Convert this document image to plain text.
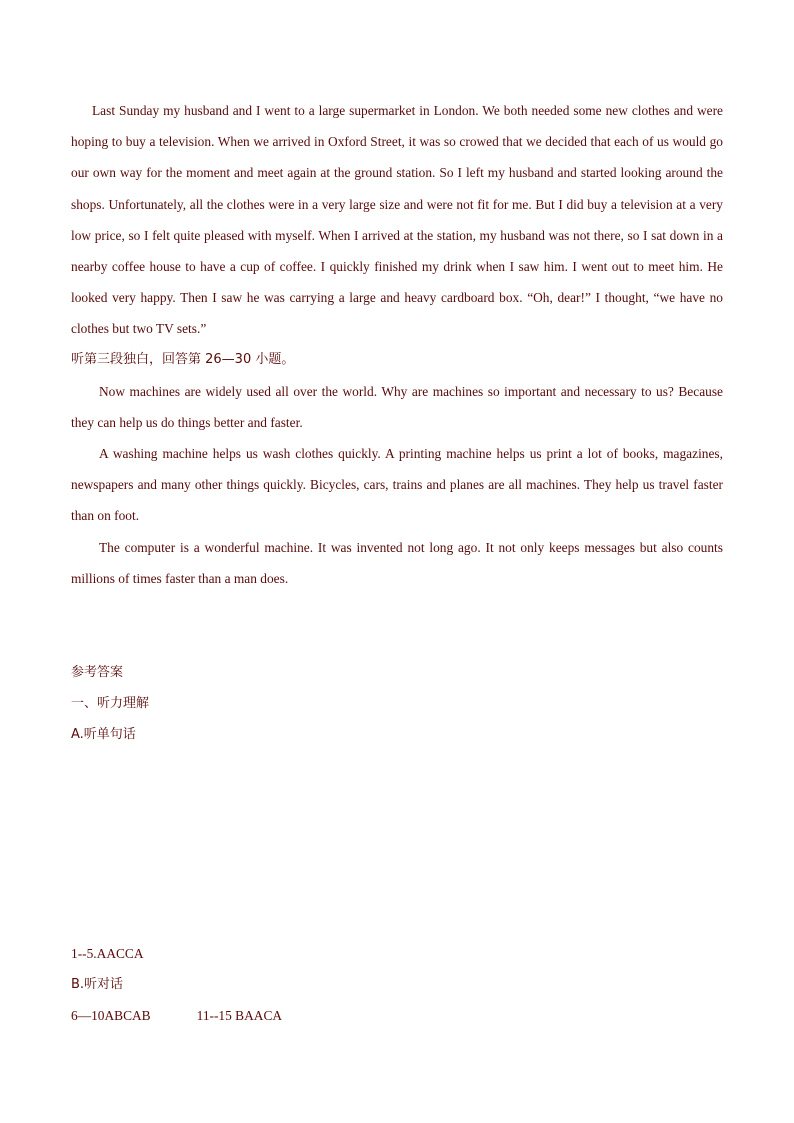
Last Sunday my husband and I went to a large supermarket in London. We both needed some new clothes and were hoping to buy a television. When we arrived in Oxford Street, it was so crowed that we decided that each of us would go our own way for the moment and meet again at the ground station. So I left my husband and started looking around the shops. Unfortunately, all the clothes were in a very large size and were not fit for me. But I did buy a television at a very low price, so I felt quite pleased with myself. When I arrived at the station, my husband was not there, so I sat down in a nearby coffee house to have a cup of coffee. I quickly finished my drink when I saw him. I went out to meet him. He looked very happy. Then I saw he was carrying a large and heavy cardboard box. “Oh, dear!” I thought, “we have no clothes but two TV sets.”

听第三段独白，回答第 26—30 小题。

Now machines are widely used all over the world. Why are machines so important and necessary to us? Because they can help us do things better and faster.

A washing machine helps us wash clothes quickly. A printing machine helps us print a lot of books, magazines, newspapers and many other things quickly. Bicycles, cars, trains and planes are all machines. They help us travel faster than on foot.

The computer is a wonderful machine. It was invented not long ago. It not only keeps messages but also counts millions of times faster than a man does.

参考答案

一、听力理解

A.听单句话

1--5.AACCA

B.听对话

6—10ABCAB	11--15 BAACA
